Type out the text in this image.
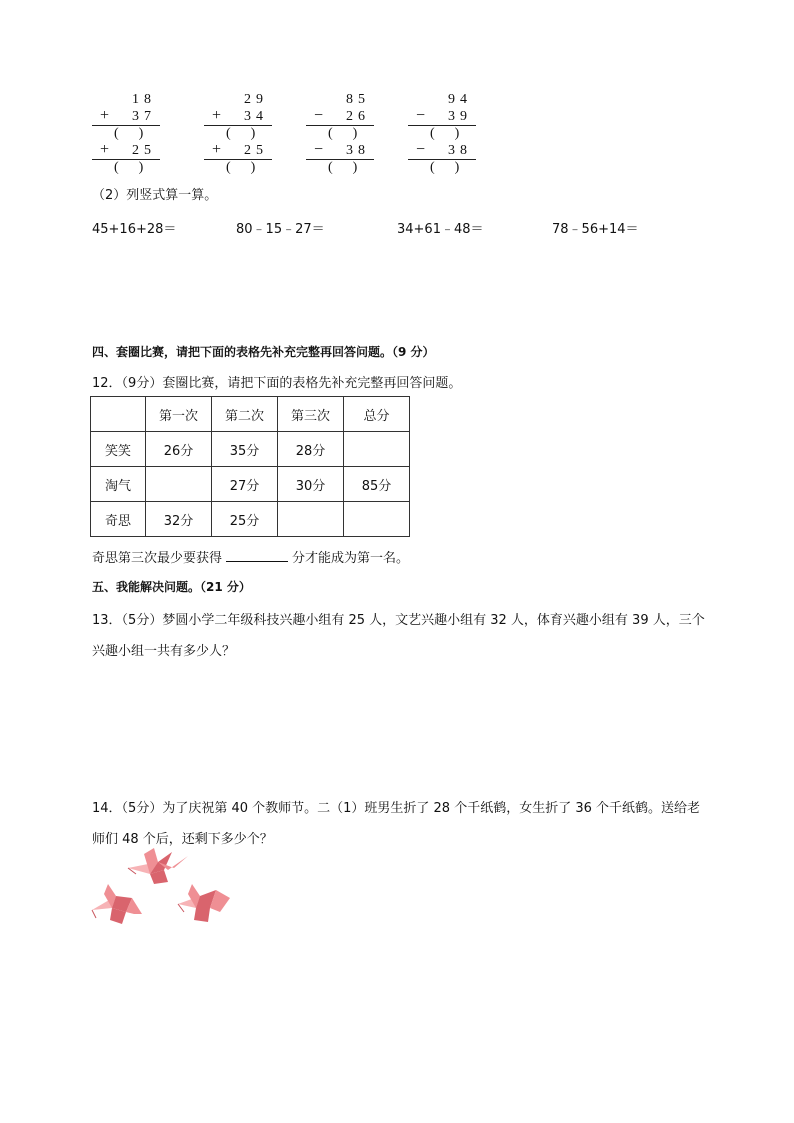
18
+ 37
( )
+ 25
( )
29
+ 34
( )
+ 25
( )
85
− 26
( )
− 38
( )
94
− 39
( )
− 38
( )
（2）列竖式算一算。
45+16+28＝	80﹣15﹣27＝	34+61﹣48＝	78﹣56+14＝
四、套圈比赛，请把下面的表格先补充完整再回答问题。（9 分）
12．（9分）套圈比赛，请把下面的表格先补充完整再回答问题。
	第一次	第二次	第三次	总分
笑笑	26分	35分	28分	
淘气		27分	30分	85分
奇思	32分	25分		
奇思第三次最少要获得	分才能成为第一名。
五、我能解决问题。（21 分）
13．（5分）梦圆小学二年级科技兴趣小组有 25 人，文艺兴趣小组有 32 人，体育兴趣小组有 39 人，三个
兴趣小组一共有多少人？
14．（5分）为了庆祝第 40 个教师节。二（1）班男生折了 28 个千纸鹤，女生折了 36 个千纸鹤。送给老
师们 48 个后，还剩下多少个？
